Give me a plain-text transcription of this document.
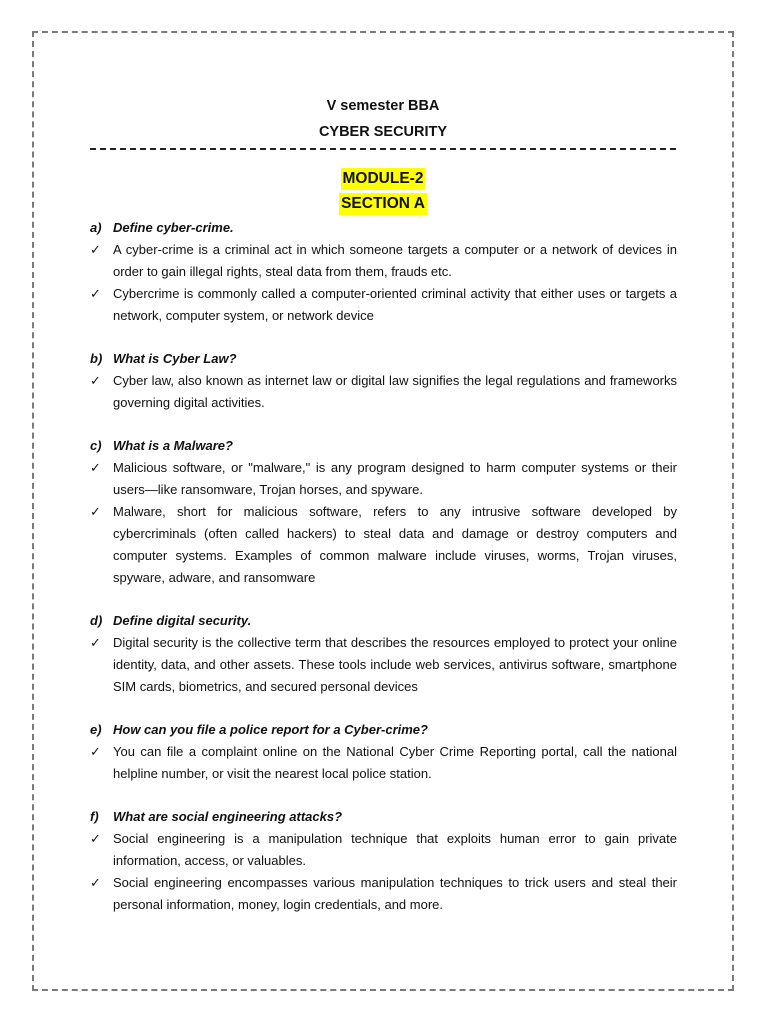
V semester BBA
CYBER SECURITY
MODULE-2
SECTION A
a) Define cyber-crime.
✓ A cyber-crime is a criminal act in which someone targets a computer or a network of devices in order to gain illegal rights, steal data from them, frauds etc.
✓ Cybercrime is commonly called a computer-oriented criminal activity that either uses or targets a network, computer system, or network device
b) What is Cyber Law?
✓ Cyber law, also known as internet law or digital law signifies the legal regulations and frameworks governing digital activities.
c) What is a Malware?
✓ Malicious software, or "malware," is any program designed to harm computer systems or their users—like ransomware, Trojan horses, and spyware.
✓ Malware, short for malicious software, refers to any intrusive software developed by cybercriminals (often called hackers) to steal data and damage or destroy computers and computer systems. Examples of common malware include viruses, worms, Trojan viruses, spyware, adware, and ransomware
d) Define digital security.
✓ Digital security is the collective term that describes the resources employed to protect your online identity, data, and other assets. These tools include web services, antivirus software, smartphone SIM cards, biometrics, and secured personal devices
e) How can you file a police report for a Cyber-crime?
✓ You can file a complaint online on the National Cyber Crime Reporting portal, call the national helpline number, or visit the nearest local police station.
f)	What are social engineering attacks?
✓ Social engineering is a manipulation technique that exploits human error to gain private information, access, or valuables.
✓ Social engineering encompasses various manipulation techniques to trick users and steal their personal information, money, login credentials, and more.
